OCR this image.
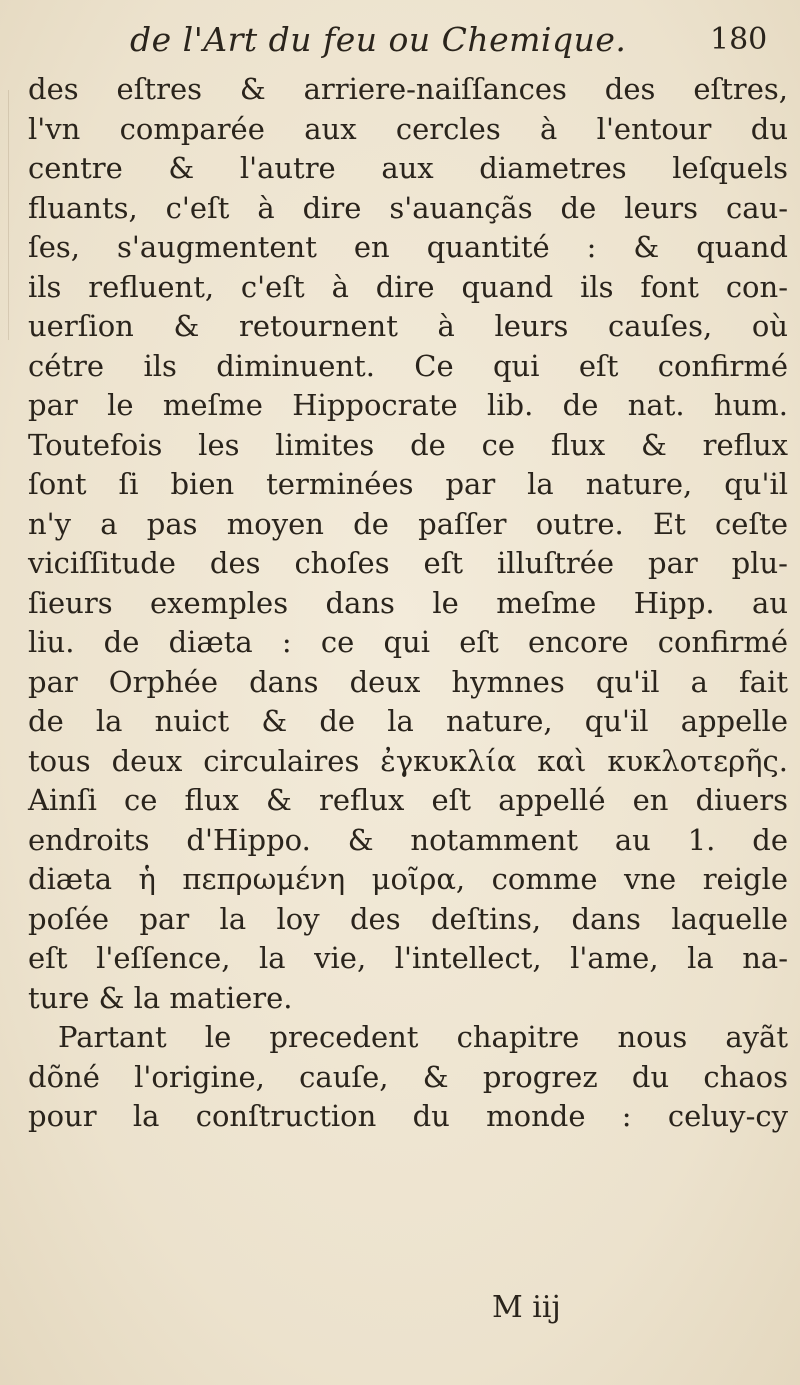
de l'Art du feu ou Chemique.	180
des eſtres & arriere-naiſſances des eſtres,
l'vn comparée aux cercles à l'entour du
centre & l'autre aux diametres leſquels
fluants, c'eſt à dire s'auançãs de leurs cau-
ſes, s'augmentent en quantité : & quand
ils refluent, c'eſt à dire quand ils font con-
uerſion & retournent à leurs cauſes, où
cétre ils diminuent. Ce qui eſt confirmé
par le meſme Hippocrate lib. de nat. hum.
Toutefois les limites de ce flux & reflux
ſont ſi bien terminées par la nature, qu'il
n'y a pas moyen de paſſer outre. Et ceſte
viciſſitude des choſes eſt illuſtrée par plu-
ſieurs exemples dans le meſme Hipp. au
liu. de diæta : ce qui eſt encore confirmé
par Orphée dans deux hymnes qu'il a fait
de la nuict & de la nature, qu'il appelle
tous deux circulaires ἐγκυκλία καὶ κυκλοτερῆς.
Ainſi ce flux & reflux eſt appellé en diuers
endroits d'Hippo. & notamment au 1. de
diæta ἡ πεπρωμένη μοῖρα, comme vne reigle
poſée par la loy des deſtins, dans laquelle
eſt l'eſſence, la vie, l'intellect, l'ame, la na-
ture & la matiere.
Partant le precedent chapitre nous ayãt
dõné l'origine, cauſe, & progrez du chaos
pour la conſtruction du monde : celuy-cy
M iij
